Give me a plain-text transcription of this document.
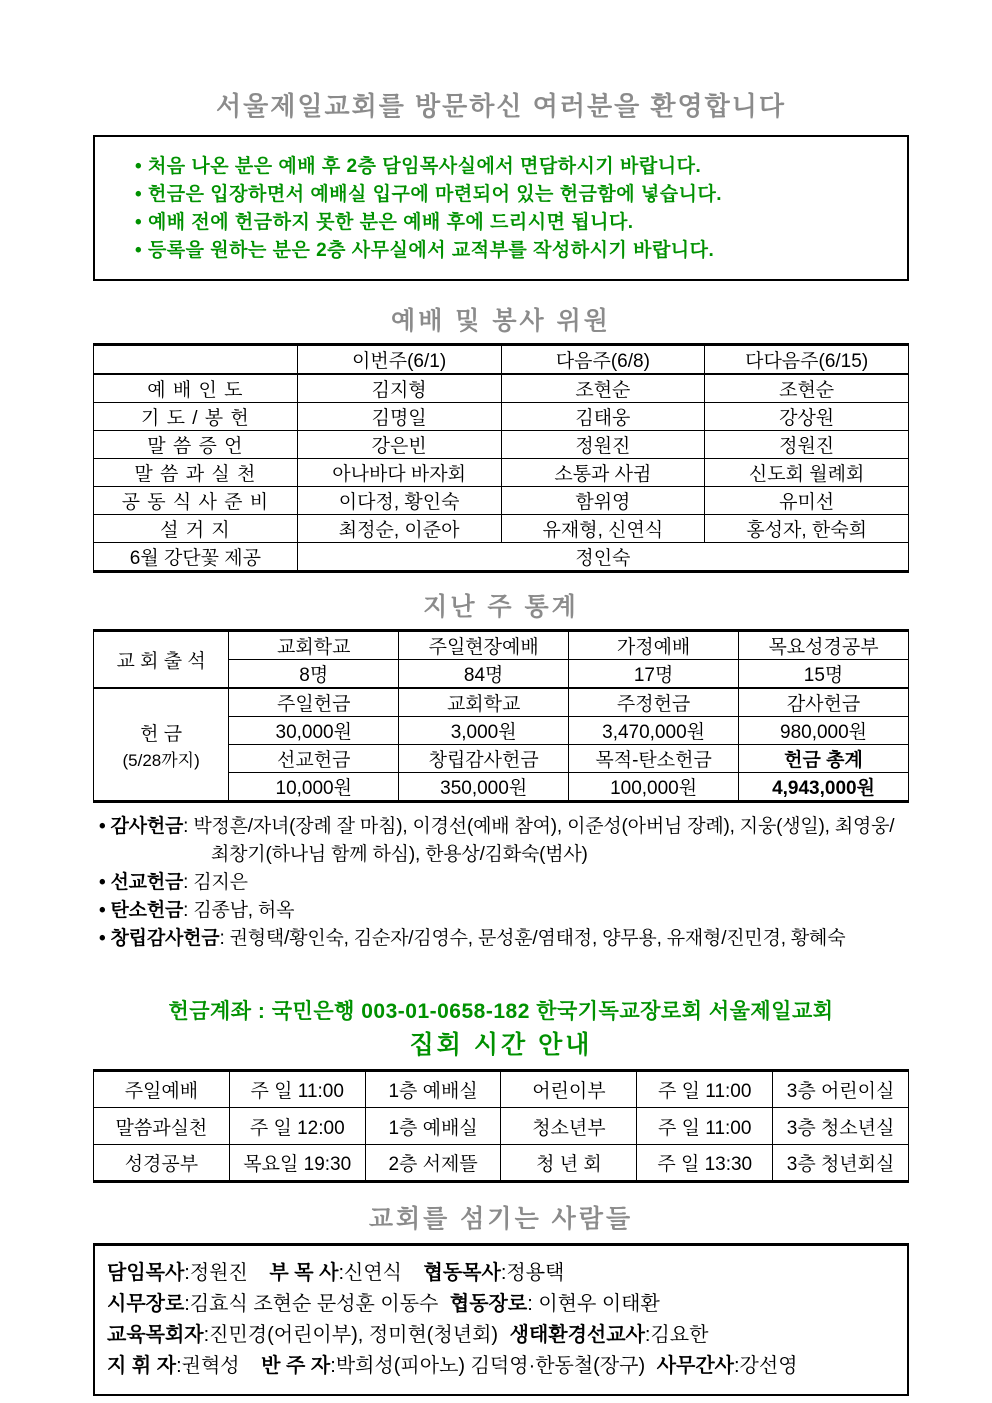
서울제일교회를 방문하신 여러분을 환영합니다
• 처음 나온 분은 예배 후 2층 담임목사실에서 면담하시기 바랍니다.
• 헌금은 입장하면서 예배실 입구에 마련되어 있는 헌금함에 넣습니다.
• 예배 전에 헌금하지 못한 분은 예배 후에 드리시면 됩니다.
• 등록을 원하는 분은 2층 사무실에서 교적부를 작성하시기 바랍니다.
예배 및 봉사 위원
	이번주(6/1)	다음주(6/8)	다다음주(6/15)
예 배 인 도	김지형	조현순	조현순
기 도 / 봉 헌	김명일	김태웅	강상원
말 씀 증 언	강은빈	정원진	정원진
말 씀 과 실 천	아나바다 바자회	소통과 사귐	신도회 월례회
공 동 식 사 준 비	이다정, 황인숙	함위영	유미선
설 거 지	최정순, 이준아	유재형, 신연식	홍성자, 한숙희
6월 강단꽃 제공	정인숙		
지난 주 통계
교 회 출 석	교회학교	주일현장예배	가정예배	목요성경공부
	8명	84명	17명	15명

헌 금
(5/28까지)	주일헌금	교회학교	주정헌금	감사헌금
	30,000원	3,000원	3,470,000원	980,000원
	선교헌금	창립감사헌금	목적-탄소헌금	헌금 총계
	10,000원	350,000원	100,000원	4,943,000원
• 감사헌금: 박정흔/자녀(장례 잘 마침), 이경선(예배 참여), 이준성(아버님 장례), 지웅(생일), 최영웅/최창기(하나님 함께 하심), 한용상/김화숙(범사)
• 선교헌금: 김지은
• 탄소헌금: 김종남, 허옥
• 창립감사헌금: 권형택/황인숙, 김순자/김영수, 문성훈/염태정, 양무용, 유재형/진민경, 황혜숙
헌금계좌 : 국민은행 003-01-0658-182 한국기독교장로회 서울제일교회
집회 시간 안내
주일예배	주 일 11:00	1층 예배실	어린이부	주 일 11:00	3층 어린이실
말씀과실천	주 일 12:00	1층 예배실	청소년부	주 일 11:00	3층 청소년실
성경공부	목요일 19:30	2층 서제뜰	청 년 회	주 일 13:30	3층 청년회실
교회를 섬기는 사람들
담임목사:정원진 부 목 사:신연식 협동목사:정용택
시무장로:김효식 조현순 문성훈 이동수 협동장로: 이현우 이태환
교육목회자:진민경(어린이부), 정미현(청년회) 생태환경선교사:김요한
지 휘 자:권혁성 반 주 자:박희성(피아노) 김덕영·한동철(장구) 사무간사:강선영
